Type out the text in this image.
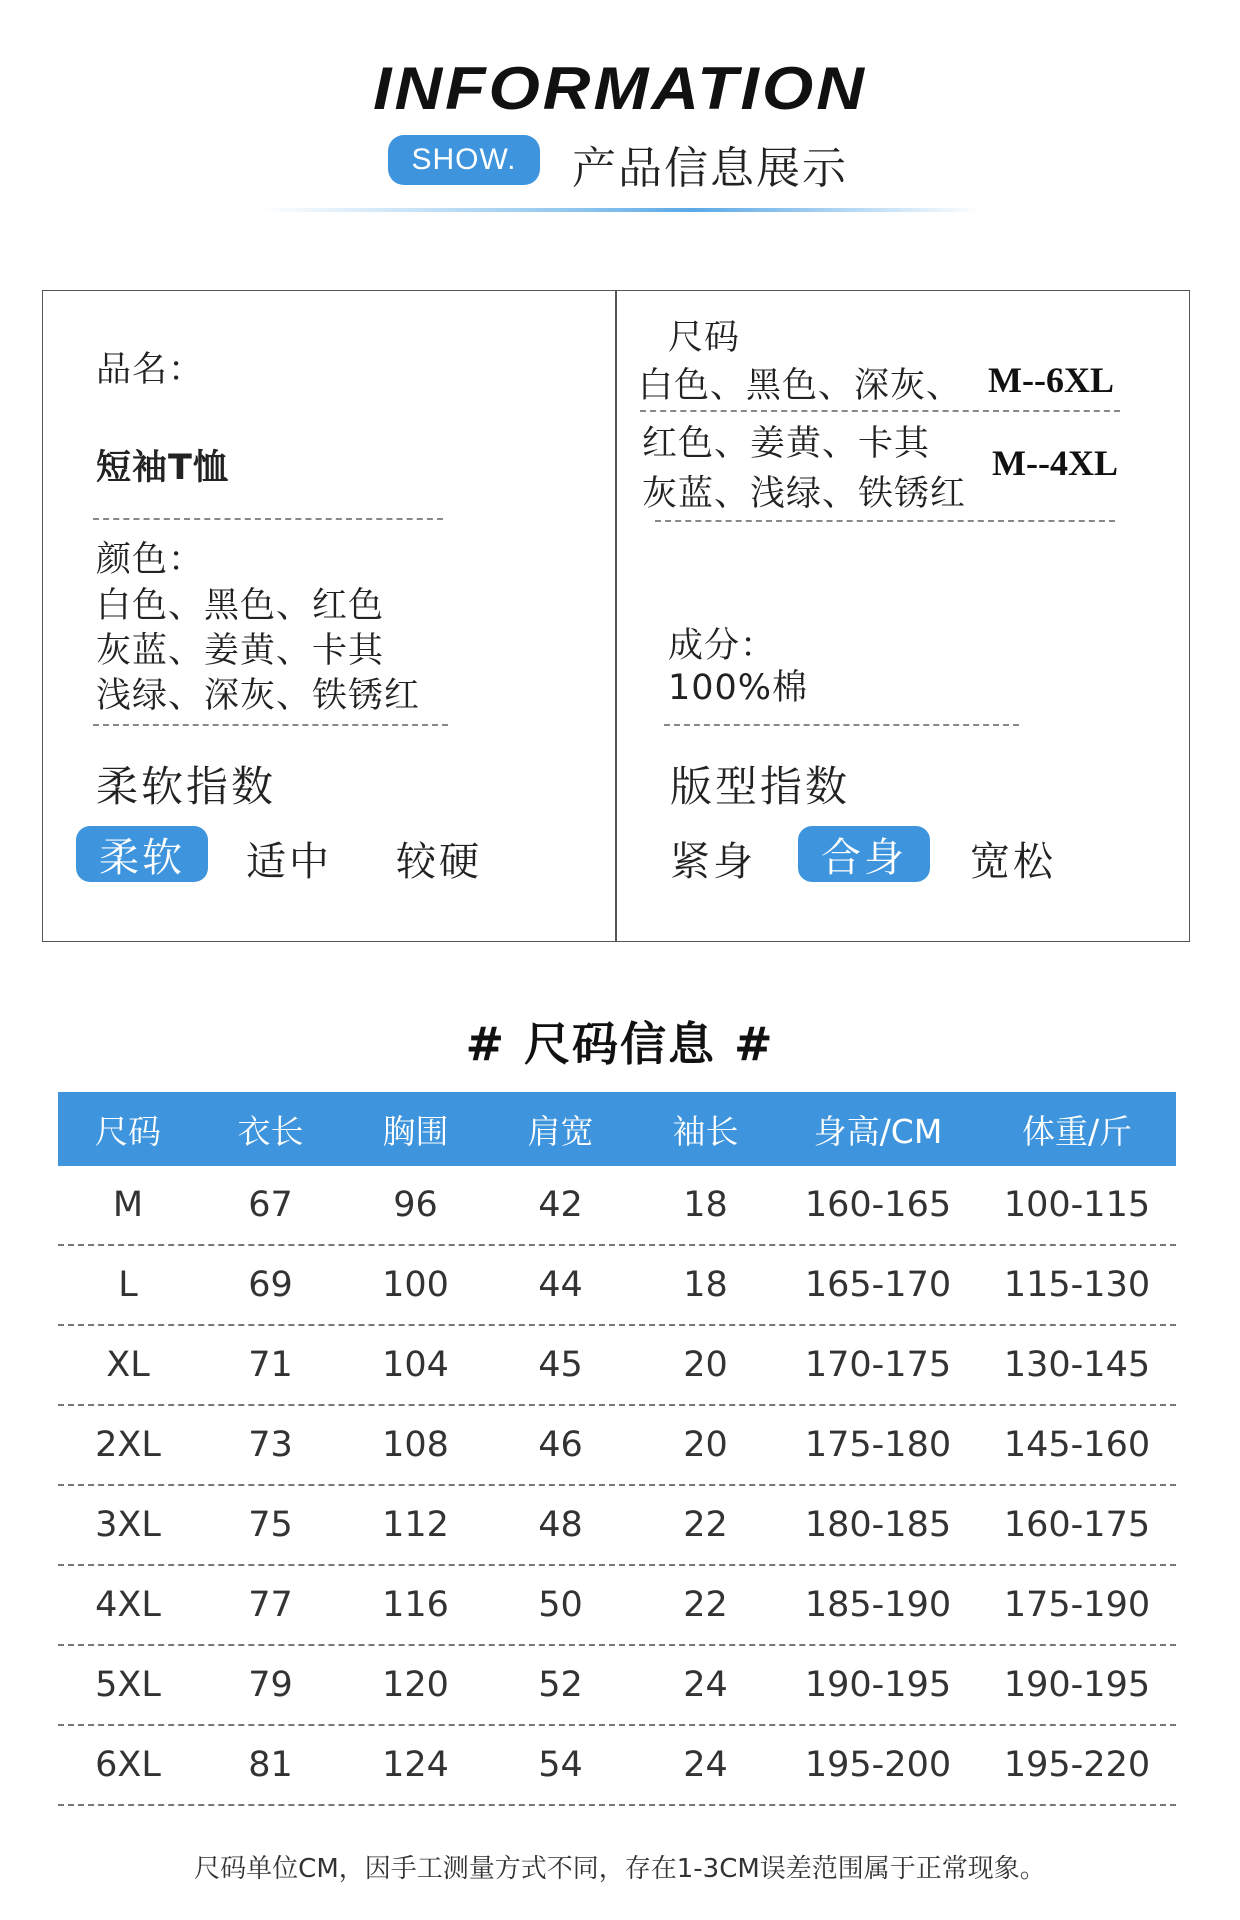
INFORMATION
SHOW.	产品信息展示
品名：
短袖T恤
颜色：
白色、黑色、红色
灰蓝、姜黄、卡其
浅绿、深灰、铁锈红
柔软指数
柔软	适中 较硬
尺码
白色、黑色、深灰、 M--6XL
红色、姜黄、卡其
灰蓝、浅绿、铁锈红
M--4XL
成分：
100%棉
版型指数
紧身	合身	宽松
# 尺码信息 #
尺码	衣长	胸围	肩宽	袖长	身高/CM	体重/斤
M	67	96	42	18	160-165	100-115
L	69	100	44	18	165-170	115-130
XL	71	104	45	20	170-175	130-145
2XL	73	108	46	20	175-180	145-160
3XL	75	112	48	22	180-185	160-175
4XL	77	116	50	22	185-190	175-190
5XL	79	120	52	24	190-195	190-195
6XL	81	124	54	24	195-200	195-220
尺码单位CM，因手工测量方式不同，存在1-3CM误差范围属于正常现象。
